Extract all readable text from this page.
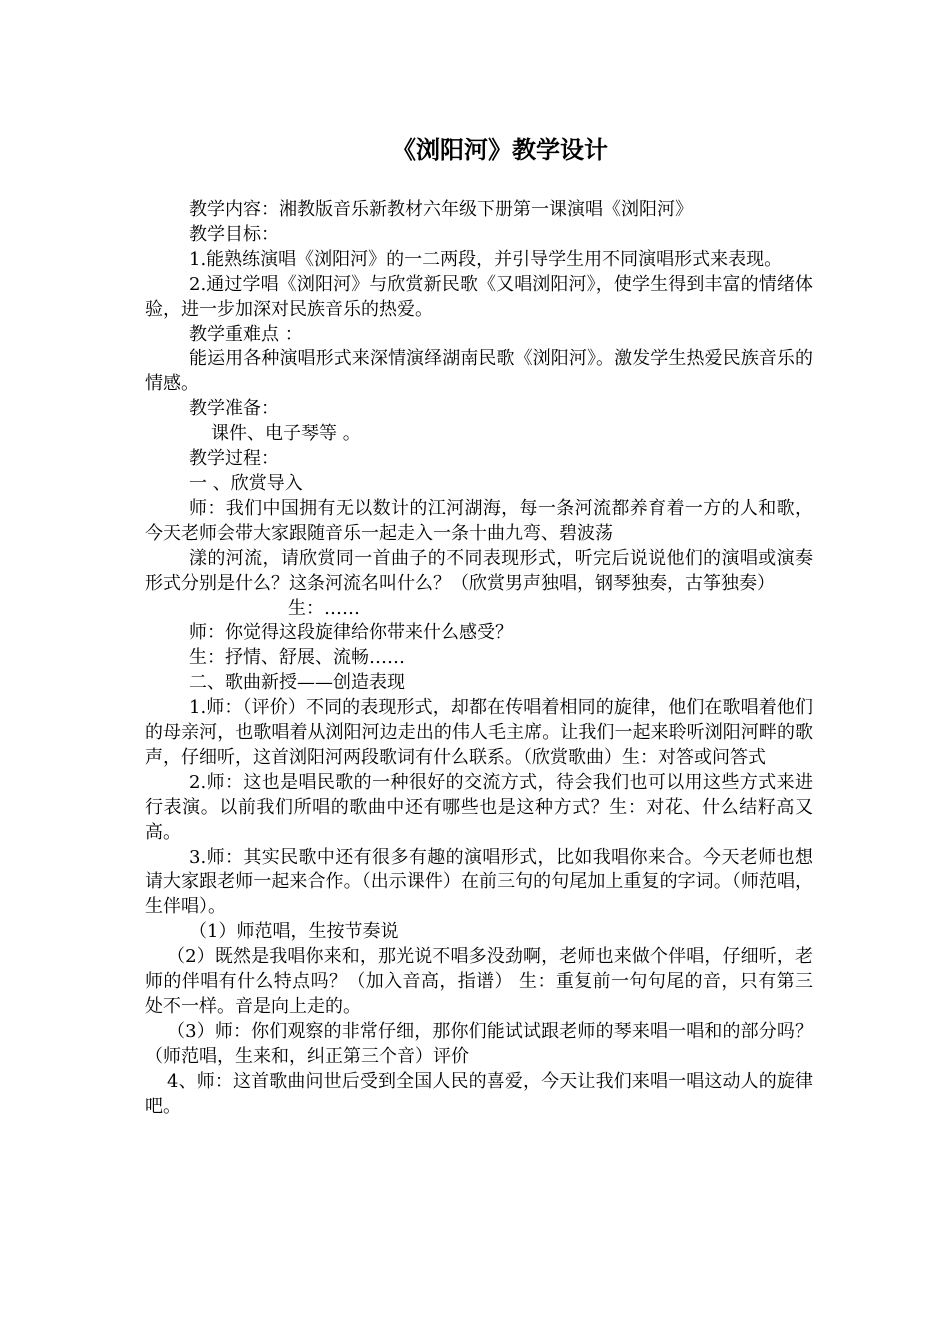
《浏阳河》教学设计

教学内容：湘教版音乐新教材六年级下册第一课演唱《浏阳河》

教学目标：

1.能熟练演唱《浏阳河》的一二两段，并引导学生用不同演唱形式来表现。

2.通过学唱《浏阳河》与欣赏新民歌《又唱浏阳河》，使学生得到丰富的情绪体验，进一步加深对民族音乐的热爱。

教学重难点 ：

能运用各种演唱形式来深情演绎湖南民歌《浏阳河》。激发学生热爱民族音乐的情感。

教学准备：

课件、电子琴等 。

教学过程：

一 、欣赏导入

师：我们中国拥有无以数计的江河湖海，每一条河流都养育着一方的人和歌，今天老师会带大家跟随音乐一起走入一条十曲九弯、碧波荡

漾的河流，请欣赏同一首曲子的不同表现形式，听完后说说他们的演唱或演奏形式分别是什么？这条河流名叫什么？（欣赏男声独唱，钢琴独奏，古筝独奏）

生：……

师：你觉得这段旋律给你带来什么感受？

生：抒情、舒展、流畅……

二、歌曲新授——创造表现

1.师：（评价）不同的表现形式，却都在传唱着相同的旋律，他们在歌唱着他们的母亲河，也歌唱着从浏阳河边走出的伟人毛主席。让我们一起来聆听浏阳河畔的歌声，仔细听，这首浏阳河两段歌词有什么联系。（欣赏歌曲）生：对答或问答式

2.师：这也是唱民歌的一种很好的交流方式，待会我们也可以用这些方式来进行表演。以前我们所唱的歌曲中还有哪些也是这种方式？生：对花、什么结籽高又高。

3.师：其实民歌中还有很多有趣的演唱形式，比如我唱你来合。今天老师也想请大家跟老师一起来合作。（出示课件）在前三句的句尾加上重复的字词。（师范唱，生伴唱）。

（1）师范唱，生按节奏说

（2）既然是我唱你来和，那光说不唱多没劲啊，老师也来做个伴唱，仔细听，老师的伴唱有什么特点吗？（加入音高，指谱） 生：重复前一句句尾的音，只有第三处不一样。音是向上走的。

（3）师：你们观察的非常仔细，那你们能试试跟老师的琴来唱一唱和的部分吗？（师范唱，生来和，纠正第三个音）评价

4、师：这首歌曲问世后受到全国人民的喜爱，今天让我们来唱一唱这动人的旋律吧。
